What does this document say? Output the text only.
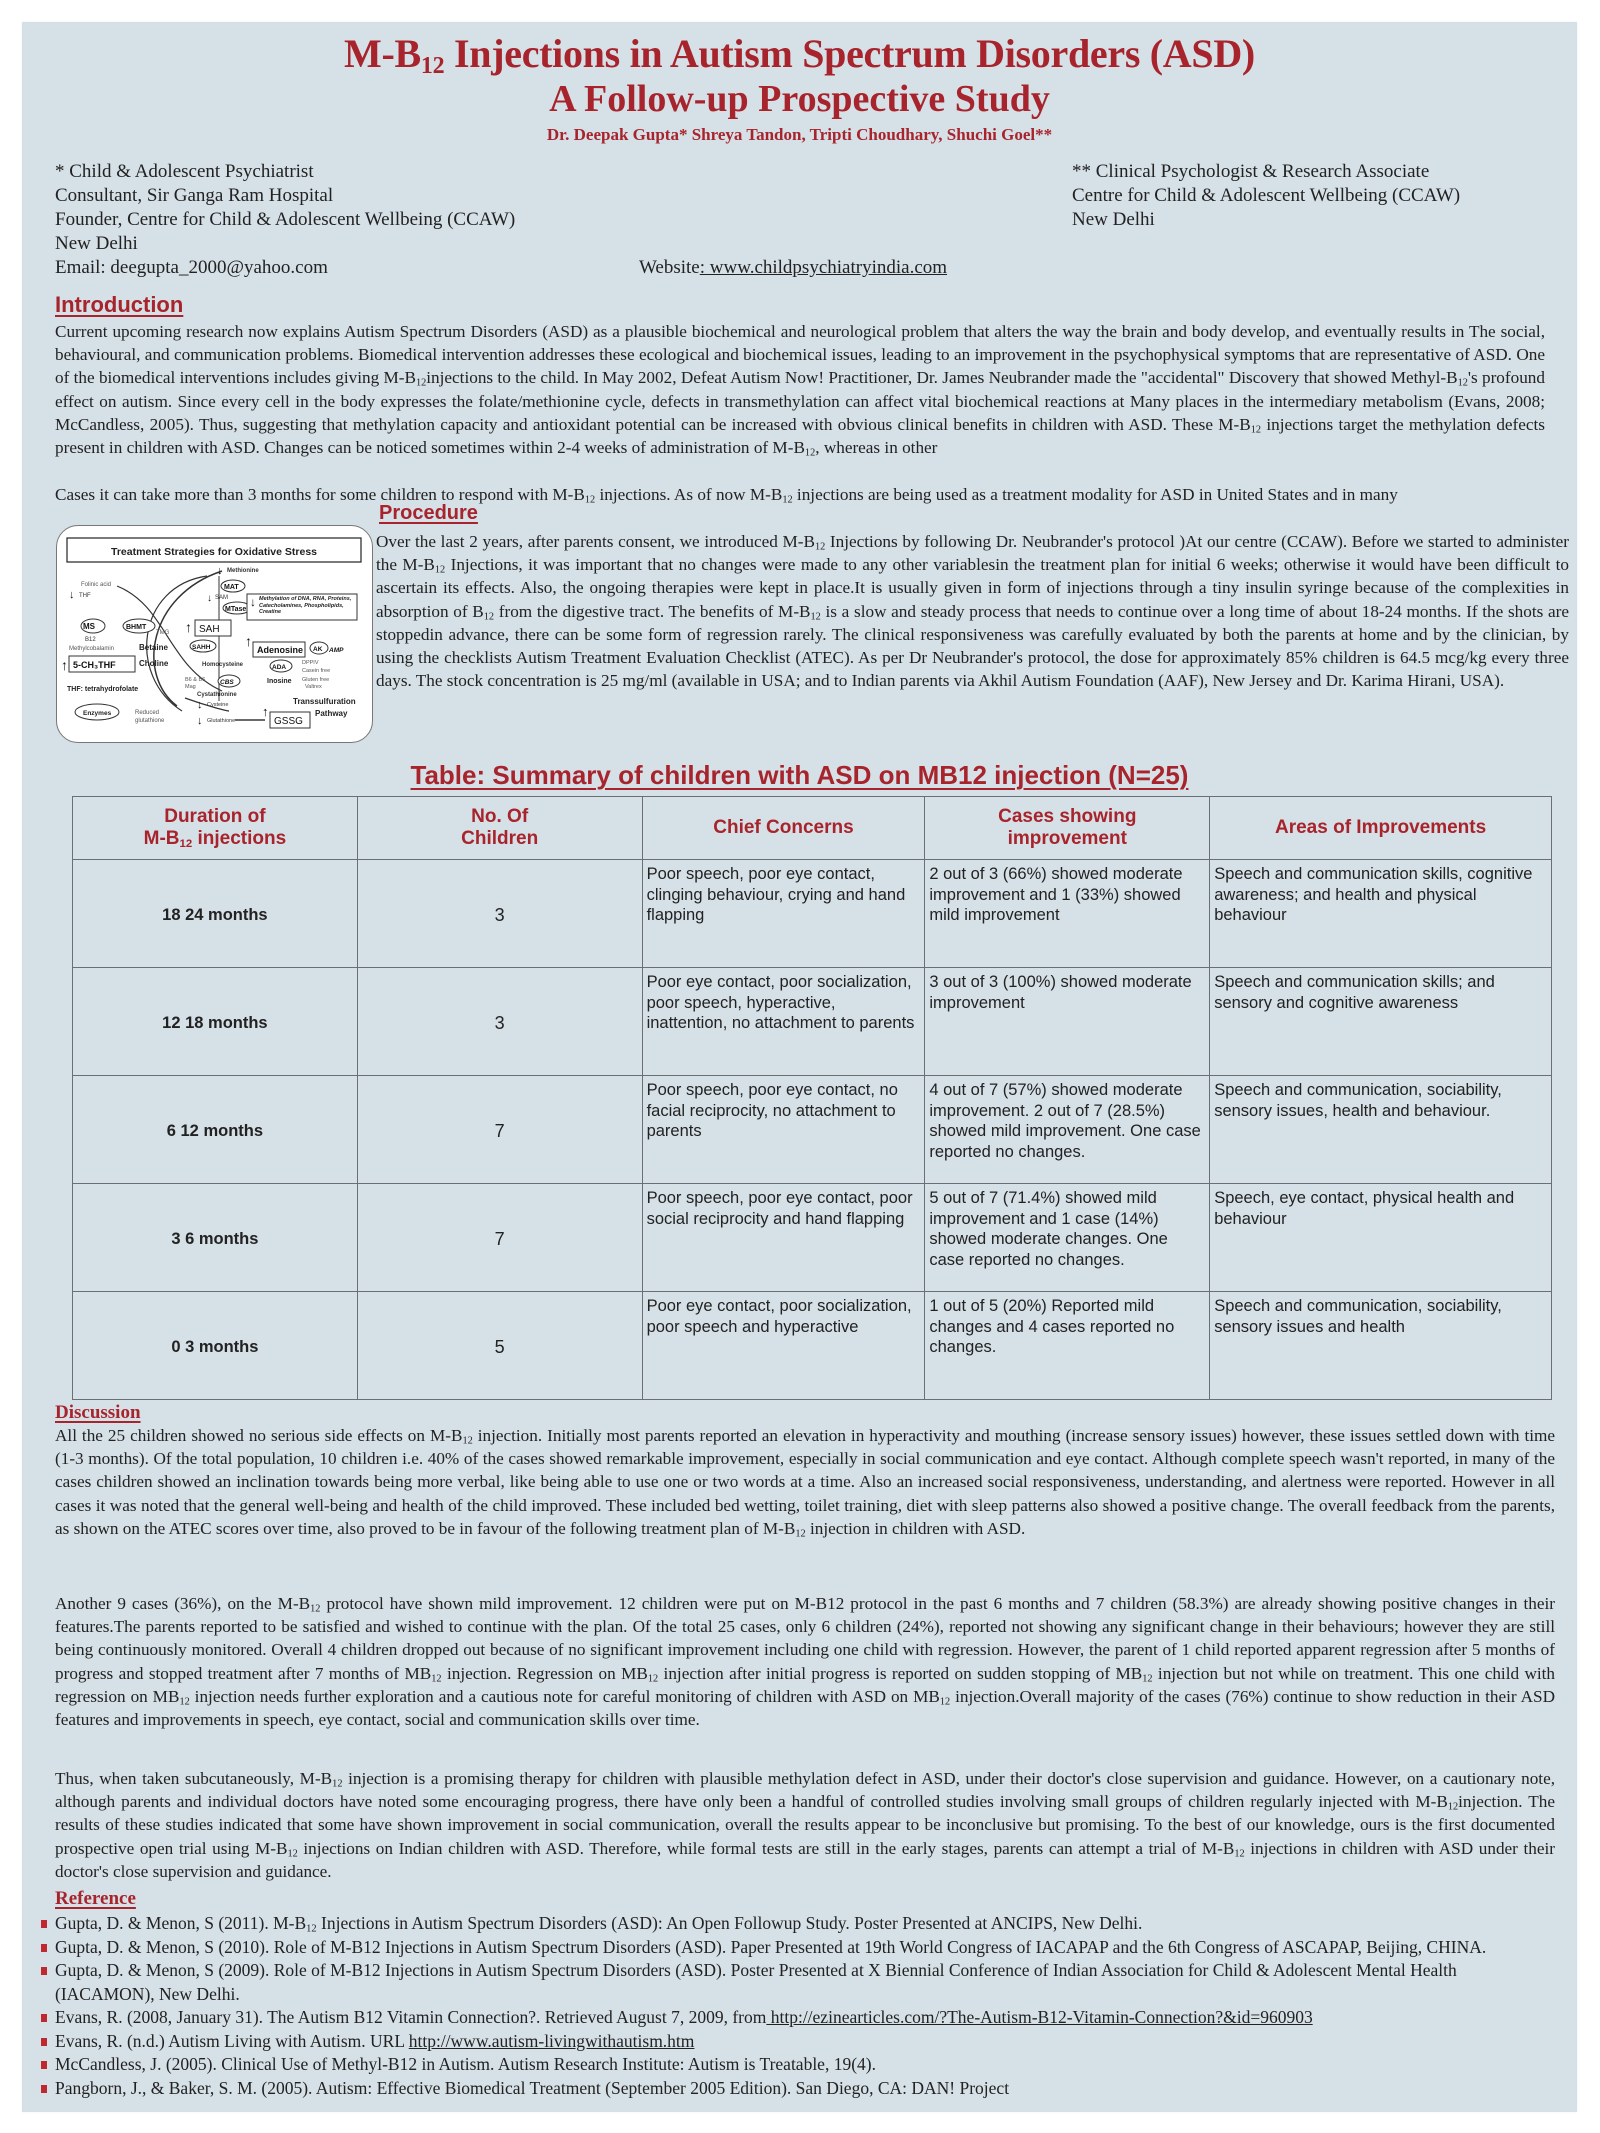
$M-B_{12}$ Injections in Autism Spectrum Disorders (ASD)
A Follow-up Prospective Study
Dr. Deepak Gupta* Shreya Tandon, Tripti Choudhary, Shuchi Goel**
* Child & Adolescent Psychiatrist
Consultant, Sir Ganga Ram Hospital
Founder, Centre for Child & Adolescent Wellbeing (CCAW)
New Delhi
Email: deegupta_2000@yahoo.com	Website: www.childpsychiatryindia.com
** Clinical Psychologist & Research Associate
Centre for Child & Adolescent Wellbeing (CCAW)
New Delhi
Introduction
Current upcoming research now explains Autism Spectrum Disorders (ASD) as a plausible biochemical and neurological problem that alters the way the brain and body develop, and eventually results in The social, behavioural, and communication problems. Biomedical intervention addresses these ecological and biochemical issues, leading to an improvement in the psychophysical symptoms that are representative of ASD. One of the biomedical interventions includes giving $M-B_{12}injections$ to the child. In May 2002, Defeat Autism Now! Practitioner, Dr. James Neubrander made the "accidental" Discovery that showed Methyl-$B_{12}'s$ profound effect on autism. Since every cell in the body expresses the folate/methionine cycle, defects in transmethylation can affect vital biochemical reactions at Many places in the intermediary metabolism (Evans, 2008; McCandless, 2005). Thus, suggesting that methylation capacity and antioxidant potential can be increased with obvious clinical benefits in children with ASD. These $M-B_{12}$ injections target the methylation defects present in children with ASD. Changes can be noticed sometimes within 2-4 weeks of administration of $M-B_{12}$, whereas in other
Cases it can take more than 3 months for some children to respond with $M-B_{12}$ injections. As of now $M-B_{12}$ injections are being used as a treatment modality for ASD in United States and in many
Procedure
Treatment Strategies for Oxidative Stress
Folinic acid
↓ THF
MS	BHMT
TMG
B12
Methylcobalamin	Betaine
Choline
↑ 5-CH₃THF
THF: tetrahydrofolate
Enzymes	Reduced
glutathione
↓ Methionine
MAT
↓ SAM
MTase
↓ Methylation of DNA, RNA, Proteins, Catecholamines, Phospholipids, Creatine
↑ SAH
SAHH ↑
Adenosine AK AMP
ADA
Inosine
DPPIV
Casein free
Gluten free
Valtrex
Homocysteine
B6 & B6
Mag
CBS
Cystathionine
↓ Cysteine
↓ Glutathione
↑
GSSG
Transsulfuration
Pathway
Over the last 2 years, after parents consent, we introduced $M-B_{12}$ Injections by following Dr. Neubrander's protocol )At our centre (CCAW). Before we started to administer the $M-B_{12}$ Injections, it was important that no changes were made to any other variablesin the treatment plan for initial 6 weeks; otherwise it would have been difficult to ascertain its effects. Also, the ongoing therapies were kept in place.It is usually given in form of injections through a tiny insulin syringe because of the complexities in absorption of $B_{12}$ from the digestive tract. The benefits of $M-B_{12}$ is a slow and steady process that needs to continue over a long time of about 18-24 months. If the shots are stoppedin advance, there can be some form of regression rarely. The clinical responsiveness was carefully evaluated by both the parents at home and by the clinician, by using the checklists Autism Treatment Evaluation Checklist (ATEC). As per Dr Neubrander's protocol, the dose for approximately 85% children is 64.5 mcg/kg every three days. The stock concentration is 25 mg/ml (available in USA; and to Indian parents via Akhil Autism Foundation (AAF), New Jersey and Dr. Karima Hirani, USA).
Table: Summary of children with ASD on MB12 injection (N=25)
Duration of
$M-B_{12}$ injections	No. Of
Children	Chief Concerns	Cases showing
improvement	Areas of Improvements
18 24 months	3	Poor speech, poor eye contact, clinging behaviour, crying and hand flapping	2 out of 3 (66%) showed moderate improvement and 1 (33%) showed mild improvement	Speech and communication skills, cognitive awareness; and health and physical behaviour
12 18 months	3	Poor eye contact, poor socialization, poor speech, hyperactive, inattention, no attachment to parents	3 out of 3 (100%) showed moderate improvement	Speech and communication skills; and sensory and cognitive awareness
6 12 months	7	Poor speech, poor eye contact, no facial reciprocity, no attachment to parents	4 out of 7 (57%) showed moderate improvement. 2 out of 7 (28.5%) showed mild improvement. One case reported no changes.	Speech and communication, sociability, sensory issues, health and behaviour.
3 6 months	7	Poor speech, poor eye contact, poor social reciprocity and hand flapping	5 out of 7 (71.4%) showed mild improvement and 1 case (14%) showed moderate changes. One case reported no changes.	Speech, eye contact, physical health and behaviour
0 3 months	5	Poor eye contact, poor socialization, poor speech and hyperactive	1 out of 5 (20%) Reported mild changes and 4 cases reported no changes.	Speech and communication, sociability, sensory issues and health
Discussion
All the 25 children showed no serious side effects on $M-B_{12}$ injection. Initially most parents reported an elevation in hyperactivity and mouthing (increase sensory issues) however, these issues settled down with time (1-3 months). Of the total population, 10 children i.e. 40% of the cases showed remarkable improvement, especially in social communication and eye contact. Although complete speech wasn't reported, in many of the cases children showed an inclination towards being more verbal, like being able to use one or two words at a time. Also an increased social responsiveness, understanding, and alertness were reported. However in all cases it was noted that the general well-being and health of the child improved. These included bed wetting, toilet training, diet with sleep patterns also showed a positive change. The overall feedback from the parents, as shown on the ATEC scores over time, also proved to be in favour of the following treatment plan of $M-B_{12}$ injection in children with ASD.
Another 9 cases (36%), on the $M-B_{12}$ protocol have shown mild improvement. 12 children were put on M-B12 protocol in the past 6 months and 7 children (58.3%) are already showing positive changes in their features.The parents reported to be satisfied and wished to continue with the plan. Of the total 25 cases, only 6 children (24%), reported not showing any significant change in their behaviours; however they are still being continuously monitored. Overall 4 children dropped out because of no significant improvement including one child with regression. However, the parent of 1 child reported apparent regression after 5 months of progress and stopped treatment after 7 months of $MB_{12}$ injection. Regression on $MB_{12}$ injection after initial progress is reported on sudden stopping of $MB_{12}$ injection but not while on treatment. This one child with regression on $MB_{12}$ injection needs further exploration and a cautious note for careful monitoring of children with ASD on $MB_{12}$ injection.Overall majority of the cases (76%) continue to show reduction in their ASD features and improvements in speech, eye contact, social and communication skills over time.
Thus, when taken subcutaneously, $M-B_{12}$ injection is a promising therapy for children with plausible methylation defect in ASD, under their doctor's close supervision and guidance. However, on a cautionary note, although parents and individual doctors have noted some encouraging progress, there have only been a handful of controlled studies involving small groups of children regularly injected with $M-B_{12}injection$. The results of these studies indicated that some have shown improvement in social communication, overall the results appear to be inconclusive but promising. To the best of our knowledge, ours is the first documented prospective open trial using $M-B_{12}$ injections on Indian children with ASD. Therefore, while formal tests are still in the early stages, parents can attempt a trial of $M-B_{12}$ injections in children with ASD under their doctor's close supervision and guidance.
Reference
Gupta, D. & Menon, S (2011). $M-B_{12}$ Injections in Autism Spectrum Disorders (ASD): An Open Followup Study. Poster Presented at ANCIPS, New Delhi.
Gupta, D. & Menon, S (2010). Role of M-B12 Injections in Autism Spectrum Disorders (ASD). Paper Presented at 19th World Congress of IACAPAP and the 6th Congress of ASCAPAP, Beijing, CHINA.
Gupta, D. & Menon, S (2009). Role of M-B12 Injections in Autism Spectrum Disorders (ASD). Poster Presented at X Biennial Conference of Indian Association for Child & Adolescent Mental Health (IACAMON), New Delhi.
Evans, R. (2008, January 31). The Autism B12 Vitamin Connection?. Retrieved August 7, 2009, from http://ezinearticles.com/?The-Autism-B12-Vitamin-Connection?&id=960903
Evans, R. (n.d.) Autism Living with Autism. URL http://www.autism-livingwithautism.htm
McCandless, J. (2005). Clinical Use of Methyl-B12 in Autism. Autism Research Institute: Autism is Treatable, 19(4).
Pangborn, J., & Baker, S. M. (2005). Autism: Effective Biomedical Treatment (September 2005 Edition). San Diego, CA: DAN! Project
